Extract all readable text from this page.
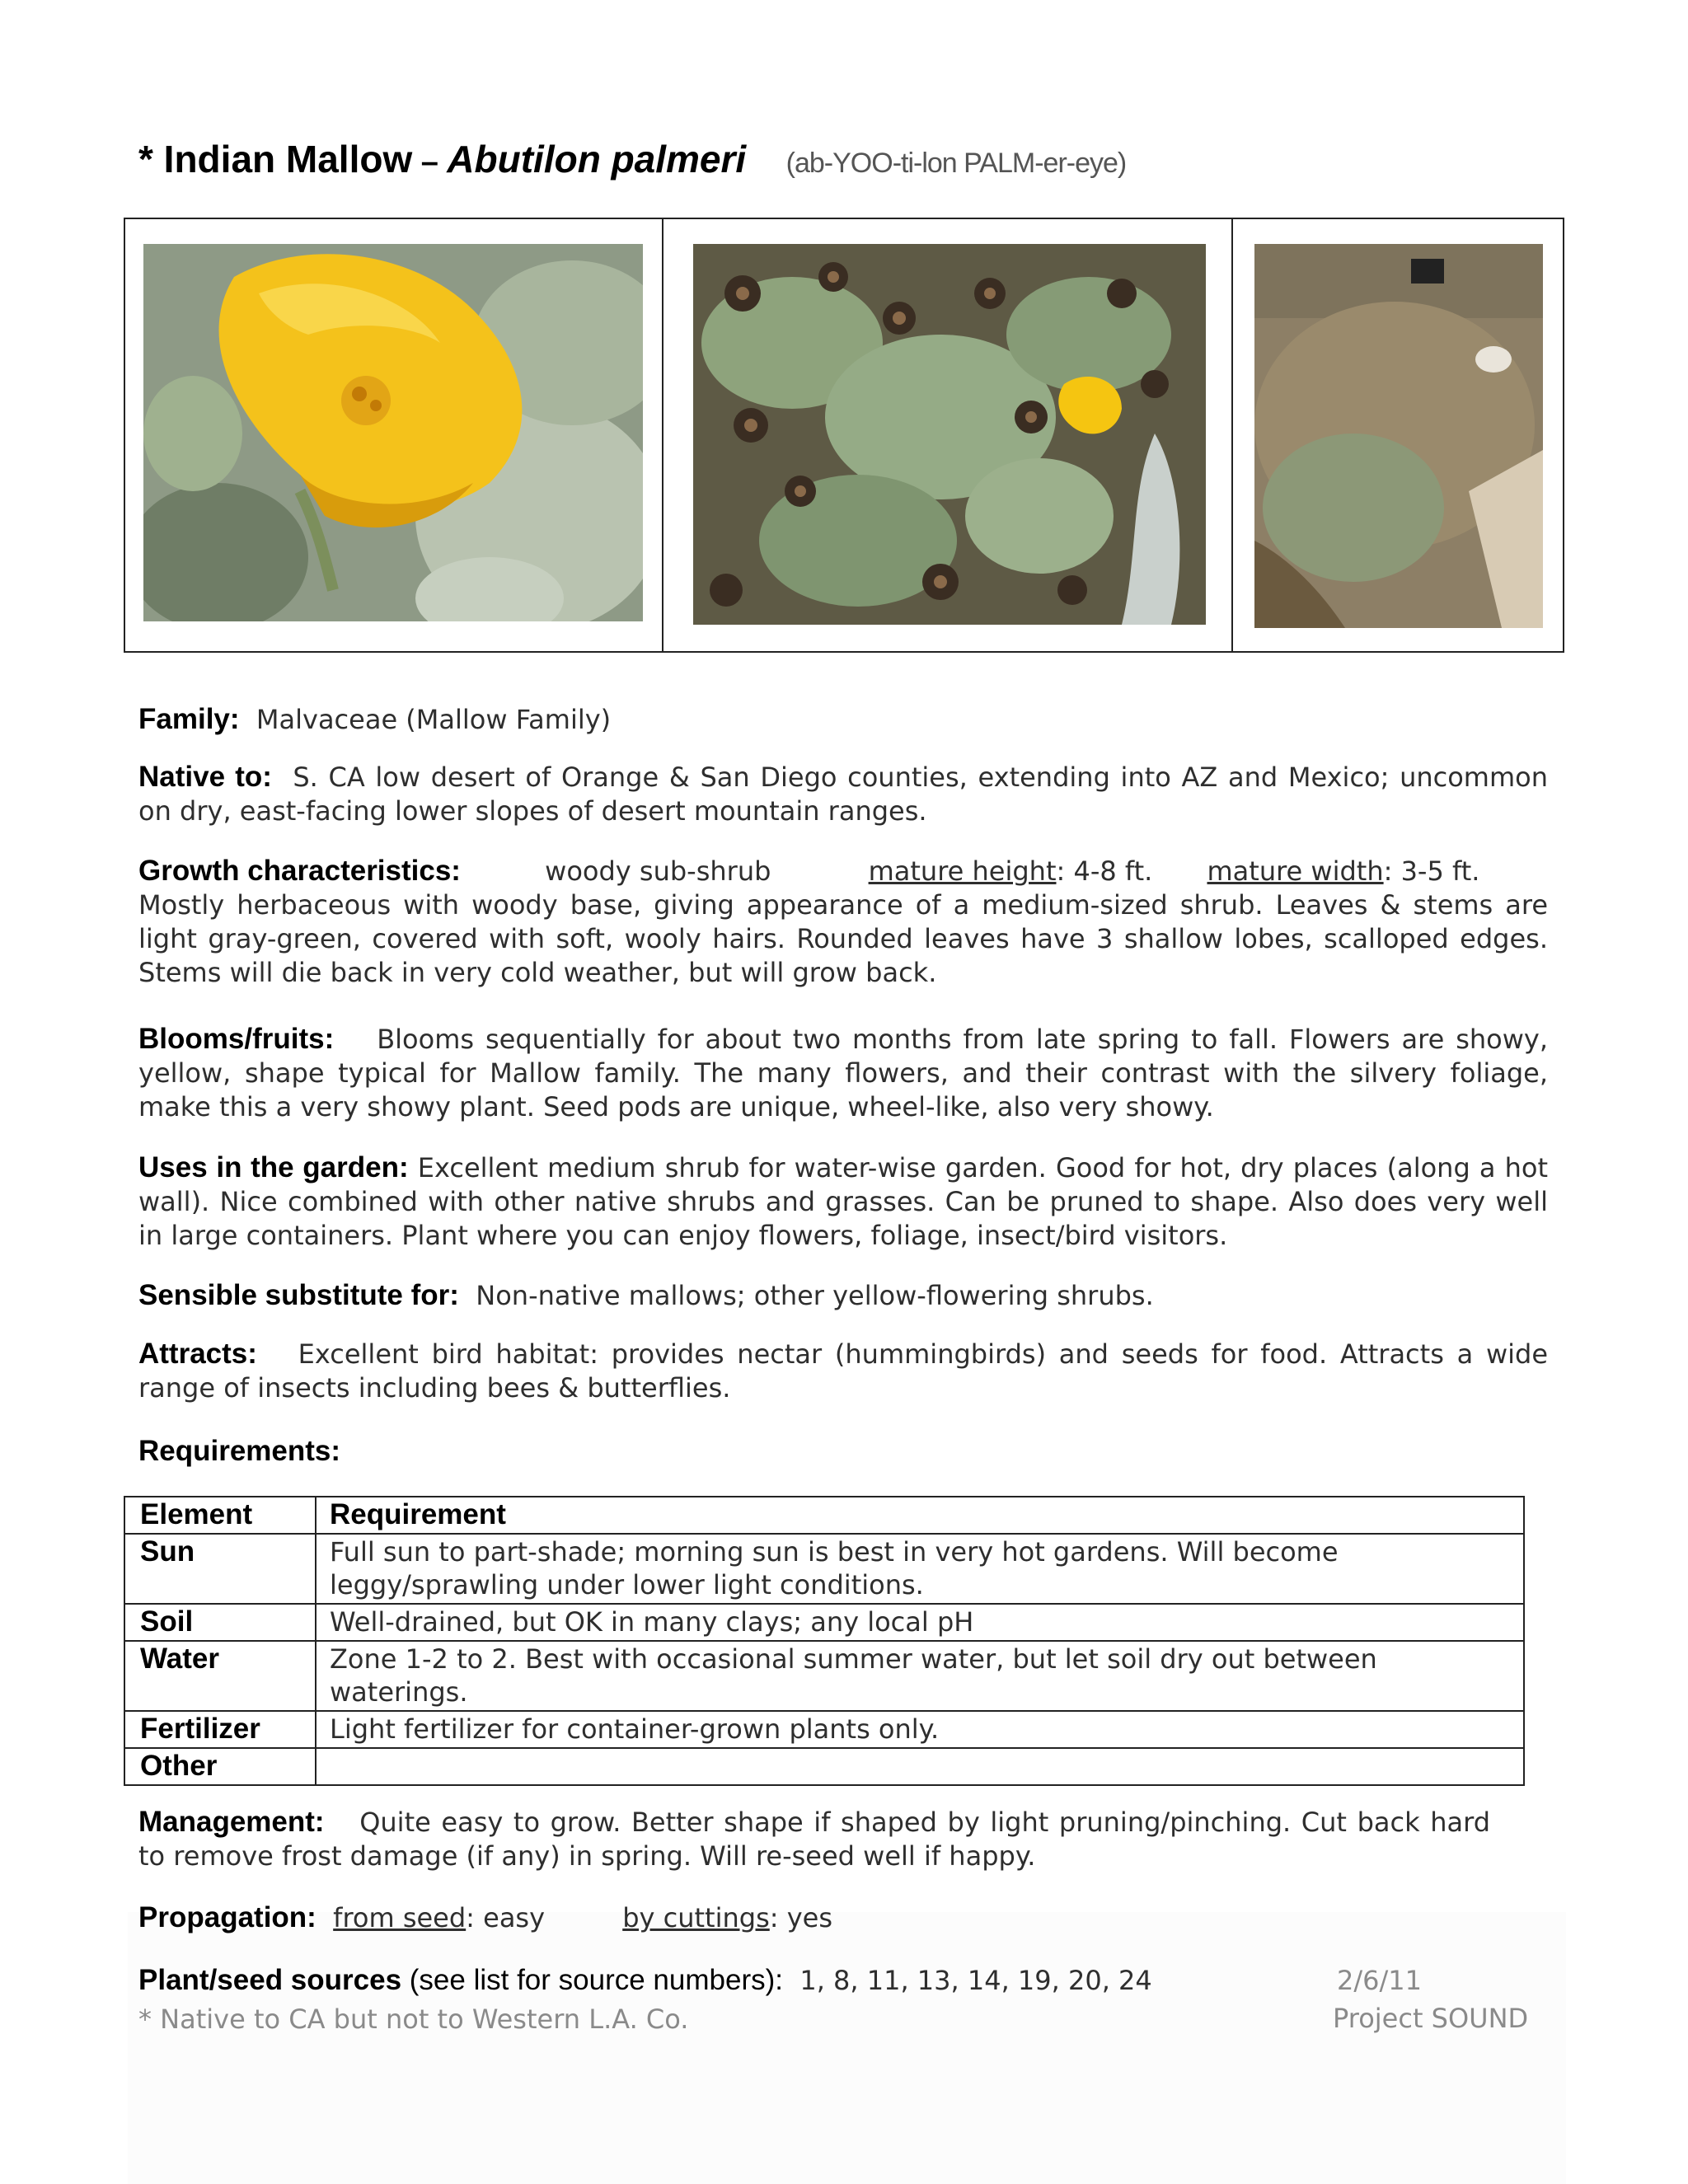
* Indian Mallow – Abutilon palmeri (ab-YOO-ti-lon PALM-er-eye)
Family: Malvaceae (Mallow Family)
Native to: S. CA low desert of Orange & San Diego counties, extending into AZ and Mexico; uncommon on dry, east-facing lower slopes of desert mountain ranges.
Growth characteristics:	woody sub-shrub	mature height: 4-8 ft. mature width: 3-5 ft.
Mostly herbaceous with woody base, giving appearance of a medium-sized shrub. Leaves & stems are light gray-green, covered with soft, wooly hairs. Rounded leaves have 3 shallow lobes, scalloped edges. Stems will die back in very cold weather, but will grow back.
Blooms/fruits: Blooms sequentially for about two months from late spring to fall. Flowers are showy, yellow, shape typical for Mallow family. The many flowers, and their contrast with the silvery foliage, make this a very showy plant. Seed pods are unique, wheel-like, also very showy.
Uses in the garden: Excellent medium shrub for water-wise garden. Good for hot, dry places (along a hot wall). Nice combined with other native shrubs and grasses. Can be pruned to shape. Also does very well in large containers. Plant where you can enjoy flowers, foliage, insect/bird visitors.
Sensible substitute for: Non-native mallows; other yellow-flowering shrubs.
Attracts: Excellent bird habitat: provides nectar (hummingbirds) and seeds for food. Attracts a wide range of insects including bees & butterflies.
Requirements:
Element	Requirement
Sun	Full sun to part-shade; morning sun is best in very hot gardens. Will become leggy/sprawling under lower light conditions.
Soil	Well-drained, but OK in many clays; any local pH
Water	Zone 1-2 to 2. Best with occasional summer water, but let soil dry out between waterings.
Fertilizer	Light fertilizer for container-grown plants only.
Other	
Management: Quite easy to grow. Better shape if shaped by light pruning/pinching. Cut back hard to remove frost damage (if any) in spring. Will re-seed well if happy.
Propagation: from seed: easy	by cuttings: yes
Plant/seed sources (see list for source numbers): 1, 8, 11, 13, 14, 19, 20, 24
* Native to CA but not to Western L.A. Co.
2/6/11
Project SOUND
